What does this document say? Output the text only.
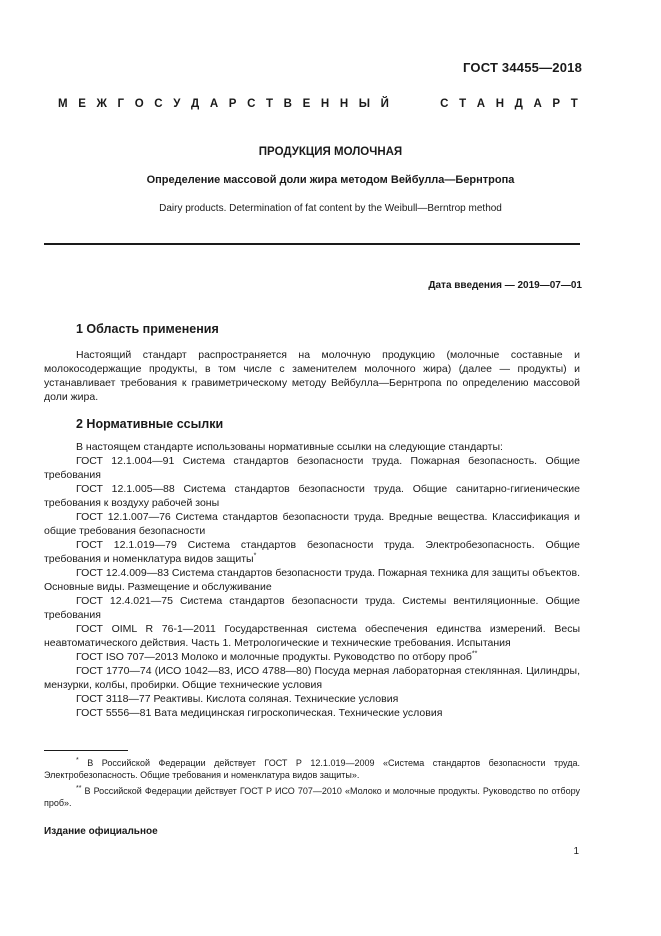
ГОСТ 34455—2018
М Е Ж Г О С У Д А Р С Т В Е Н Н Ы Й	С Т А Н Д А Р Т
ПРОДУКЦИЯ МОЛОЧНАЯ
Определение массовой доли жира методом Вейбулла—Бернтропа
Dairy products. Determination of fat content by the Weibull—Berntrop method
Дата введения — 2019—07—01
1 Область применения

Настоящий стандарт распространяется на молочную продукцию (молочные составные и молокосодержащие продукты, в том числе с заменителем молочного жира) (далее — продукты) и устанавливает требования к гравиметрическому методу Вейбулла—Бернтропа по определению массовой доли жира.

2 Нормативные ссылки

В настоящем стандарте использованы нормативные ссылки на следующие стандарты:

ГОСТ 12.1.004—91 Система стандартов безопасности труда. Пожарная безопасность. Общие требования

ГОСТ 12.1.005—88 Система стандартов безопасности труда. Общие санитарно-гигиенические требования к воздуху рабочей зоны

ГОСТ 12.1.007—76 Система стандартов безопасности труда. Вредные вещества. Классификация и общие требования безопасности

ГОСТ 12.1.019—79 Система стандартов безопасности труда. Электробезопасность. Общие требования и номенклатура видов защиты*

ГОСТ 12.4.009—83 Система стандартов безопасности труда. Пожарная техника для защиты объектов. Основные виды. Размещение и обслуживание

ГОСТ 12.4.021—75 Система стандартов безопасности труда. Системы вентиляционные. Общие требования

ГОСТ OIML R 76-1—2011 Государственная система обеспечения единства измерений. Весы неавтоматического действия. Часть 1. Метрологические и технические требования. Испытания

ГОСТ ISO 707—2013 Молоко и молочные продукты. Руководство по отбору проб**

ГОСТ 1770—74 (ИСО 1042—83, ИСО 4788—80) Посуда мерная лабораторная стеклянная. Цилиндры, мензурки, колбы, пробирки. Общие технические условия

ГОСТ 3118—77 Реактивы. Кислота соляная. Технические условия

ГОСТ 5556—81 Вата медицинская гигроскопическая. Технические условия

* В Российской Федерации действует ГОСТ Р 12.1.019—2009 «Система стандартов безопасности труда. Электробезопасность. Общие требования и номенклатура видов защиты».

** В Российской Федерации действует ГОСТ Р ИСО 707—2010 «Молоко и молочные продукты. Руководство по отбору проб».

Издание официальное
1
